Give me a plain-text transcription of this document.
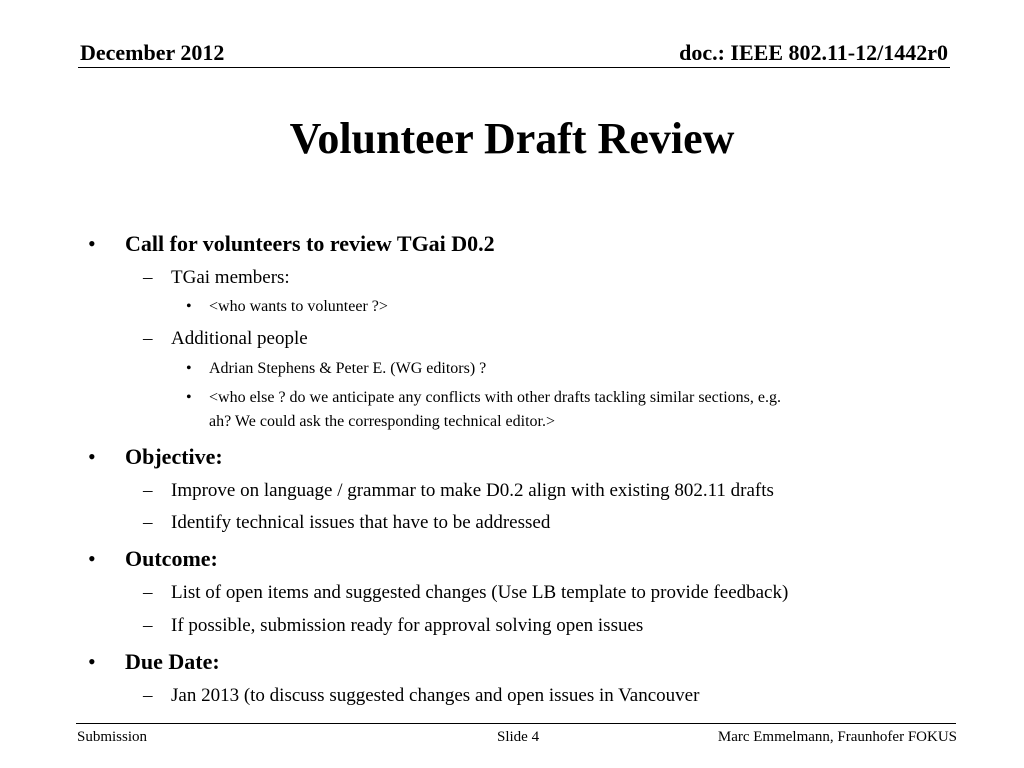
December 2012	doc.: IEEE 802.11-12/1442r0
Volunteer Draft Review
• Call for volunteers to review TGai D0.2
– TGai members:
• <who wants to volunteer ?>
– Additional people
• Adrian Stephens & Peter E. (WG editors) ?
• <who else ? do we anticipate any conflicts with other drafts tackling similar sections, e.g.
ah? We could ask the corresponding technical editor.>
• Objective:
– Improve on language / grammar to make D0.2 align with existing 802.11 drafts
– Identify technical issues that have to be addressed
• Outcome:
– List of open items and suggested changes (Use LB template to provide feedback)
– If possible, submission ready for approval solving open issues
• Due Date:
– Jan 2013 (to discuss suggested changes and open issues in Vancouver
Submission	Slide 4	Marc Emmelmann, Fraunhofer FOKUS
